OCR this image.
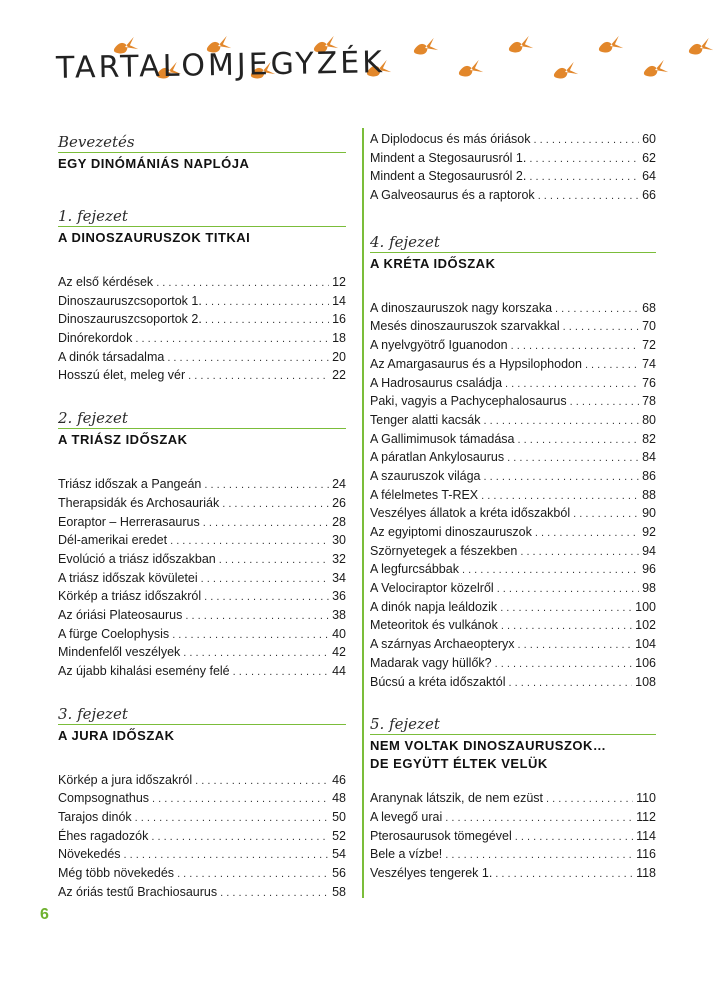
TARTALOMJEGYZÉK
Bevezetés
EGY DINÓMÁNIÁS NAPLÓJA
1. fejezet
A DINOSZAURUSZOK TITKAI
Az első kérdések . . .	12
Dinoszauruszcsoportok 1. . . .	14
Dinoszauruszcsoportok 2. . . .	16
Dinórekordok . . .	18
A dinók társadalma . . .	20
Hosszú élet, meleg vér . . .	22
2. fejezet
A TRIÁSZ IDŐSZAK
Triász időszak a Pangeán . . .	24
Therapsidák és Archosauriák . . .	26
Eoraptor – Herrerasaurus . . .	28
Dél-amerikai eredet . . .	30
Evolúció a triász időszakban . . .	32
A triász időszak kövületei . . .	34
Körkép a triász időszakról . . .	36
Az óriási Plateosaurus . . .	38
A fürge Coelophysis . . .	40
Mindenfelől veszélyek . . .	42
Az újabb kihalási esemény felé . . .	44
3. fejezet
A JURA IDŐSZAK
Körkép a jura időszakról . . .	46
Compsognathus . . .	48
Tarajos dinók . . .	50
Éhes ragadozók . . .	52
Növekedés . . .	54
Még több növekedés . . .	56
Az óriás testű Brachiosaurus . . .	58
A Diplodocus és más óriások . . .	60
Mindent a Stegosaurusról 1. . . .	62
Mindent a Stegosaurusról 2. . . .	64
A Galveosaurus és a raptorok . . .	66
4. fejezet
A KRÉTA IDŐSZAK
A dinoszauruszok nagy korszaka . . .	68
Mesés dinoszauruszok szarvakkal . . .	70
A nyelvgyötrő Iguanodon . . .	72
Az Amargasaurus és a Hypsilophodon . . .	74
A Hadrosaurus családja . . .	76
Paki, vagyis a Pachycephalosaurus . . .	78
Tenger alatti kacsák . . .	80
A Gallimimusok támadása . . .	82
A páratlan Ankylosaurus . . .	84
A szauruszok világa . . .	86
A félelmetes T-REX . . .	88
Veszélyes állatok a kréta időszakból . . .	90
Az egyiptomi dinoszauruszok . . .	92
Szörnyetegek a fészekben . . .	94
A legfurcsábbak . . .	96
A Velociraptor közelről . . .	98
A dinók napja leáldozik . . .	100
Meteoritok és vulkánok . . .	102
A szárnyas Archaeopteryx . . .	104
Madarak vagy hüllők? . . .	106
Búcsú a kréta időszaktól . . .	108
5. fejezet
NEM VOLTAK DINOSZAURUSZOK…
DE EGYÜTT ÉLTEK VELÜK
Aranynak látszik, de nem ezüst . . .	110
A levegő urai . . .	112
Pterosaurusok tömegével . . .	114
Bele a vízbe! . . .	116
Veszélyes tengerek 1. . . .	118
6
